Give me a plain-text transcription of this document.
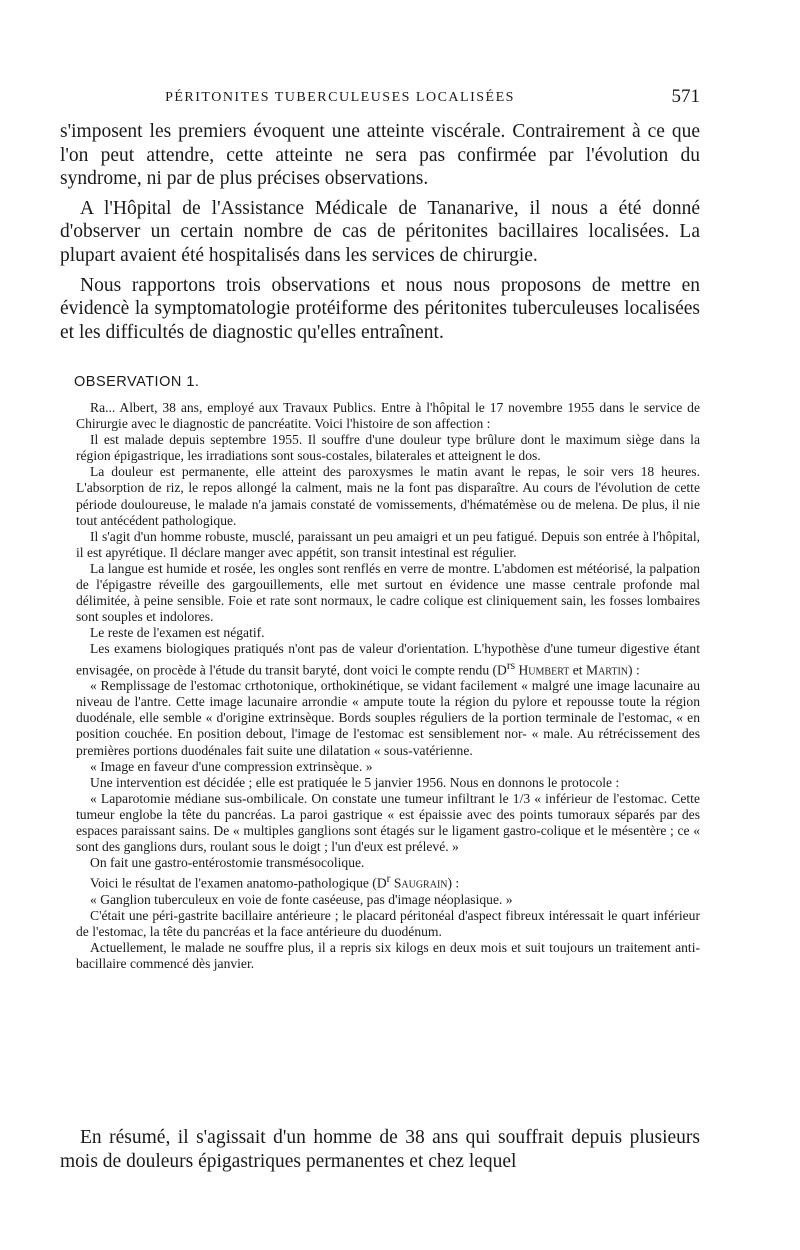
PÉRITONITES TUBERCULEUSES LOCALISÉES	571

s'imposent les premiers évoquent une atteinte viscérale. Contrairement à ce que l'on peut attendre, cette atteinte ne sera pas confirmée par l'évolution du syndrome, ni par de plus précises observations.

A l'Hôpital de l'Assistance Médicale de Tananarive, il nous a été donné d'observer un certain nombre de cas de péritonites bacillaires localisées. La plupart avaient été hospitalisés dans les services de chirurgie.

Nous rapportons trois observations et nous nous proposons de mettre en évidencè la symptomatologie protéiforme des péritonites tuberculeuses localisées et les difficultés de diagnostic qu'elles entraînent.

OBSERVATION 1.

Ra... Albert, 38 ans, employé aux Travaux Publics. Entre à l'hôpital le 17 novembre 1955 dans le service de Chirurgie avec le diagnostic de pancréatite. Voici l'histoire de son affection :

Il est malade depuis septembre 1955. Il souffre d'une douleur type brûlure dont le maximum siège dans la région épigastrique, les irradiations sont sous-costales, bilaterales et atteignent le dos.

La douleur est permanente, elle atteint des paroxysmes le matin avant le repas, le soir vers 18 heures. L'absorption de riz, le repos allongé la calment, mais ne la font pas disparaître. Au cours de l'évolution de cette période douloureuse, le malade n'a jamais constaté de vomissements, d'hématémèse ou de melena. De plus, il nie tout antécédent pathologique.

Il s'agit d'un homme robuste, musclé, paraissant un peu amaigri et un peu fatigué. Depuis son entrée à l'hôpital, il est apyrétique. Il déclare manger avec appétit, son transit intestinal est régulier.

La langue est humide et rosée, les ongles sont renflés en verre de montre. L'abdomen est météorisé, la palpation de l'épigastre réveille des gargouillements, elle met surtout en évidence une masse centrale profonde mal délimitée, à peine sensible. Foie et rate sont normaux, le cadre colique est cliniquement sain, les fosses lombaires sont souples et indolores.

Le reste de l'examen est négatif.

Les examens biologiques pratiqués n'ont pas de valeur d'orientation. L'hypothèse d'une tumeur digestive étant envisagée, on procède à l'étude du transit baryté, dont voici le compte rendu ($D^{rs}$ Humbert et Martin) :

« Remplissage de l'estomac crthotonique, orthokinétique, se vidant facilement « malgré une image lacunaire au niveau de l'antre. Cette image lacunaire arrondie « ampute toute la région du pylore et repousse toute la région duodénale, elle semble « d'origine extrinsèque. Bords souples réguliers de la portion terminale de l'estomac, « en position couchée. En position debout, l'image de l'estomac est sensiblement nor- « male. Au rétrécissement des premières portions duodénales fait suite une dilatation « sous-vatérienne.

« Image en faveur d'une compression extrinsèque. »

Une intervention est décidée ; elle est pratiquée le 5 janvier 1956. Nous en donnons le protocole :

« Laparotomie médiane sus-ombilicale. On constate une tumeur infiltrant le 1/3 « inférieur de l'estomac. Cette tumeur englobe la tête du pancréas. La paroi gastrique « est épaissie avec des points tumoraux séparés par des espaces paraissant sains. De « multiples ganglions sont étagés sur le ligament gastro-colique et le mésentère ; ce « sont des ganglions durs, roulant sous le doigt ; l'un d'eux est prélevé. »

On fait une gastro-entérostomie transmésocolique.

Voici le résultat de l'examen anatomo-pathologique ($D^r$ Saugrain) :

« Ganglion tuberculeux en voie de fonte caséeuse, pas d'image néoplasique. »

C'était une péri-gastrite bacillaire antérieure ; le placard péritonéal d'aspect fibreux intéressait le quart inférieur de l'estomac, la tête du pancréas et la face antérieure du duodénum.

Actuellement, le malade ne souffre plus, il a repris six kilogs en deux mois et suit toujours un traitement anti-bacillaire commencé dès janvier.

En résumé, il s'agissait d'un homme de 38 ans qui souffrait depuis plusieurs mois de douleurs épigastriques permanentes et chez lequel
